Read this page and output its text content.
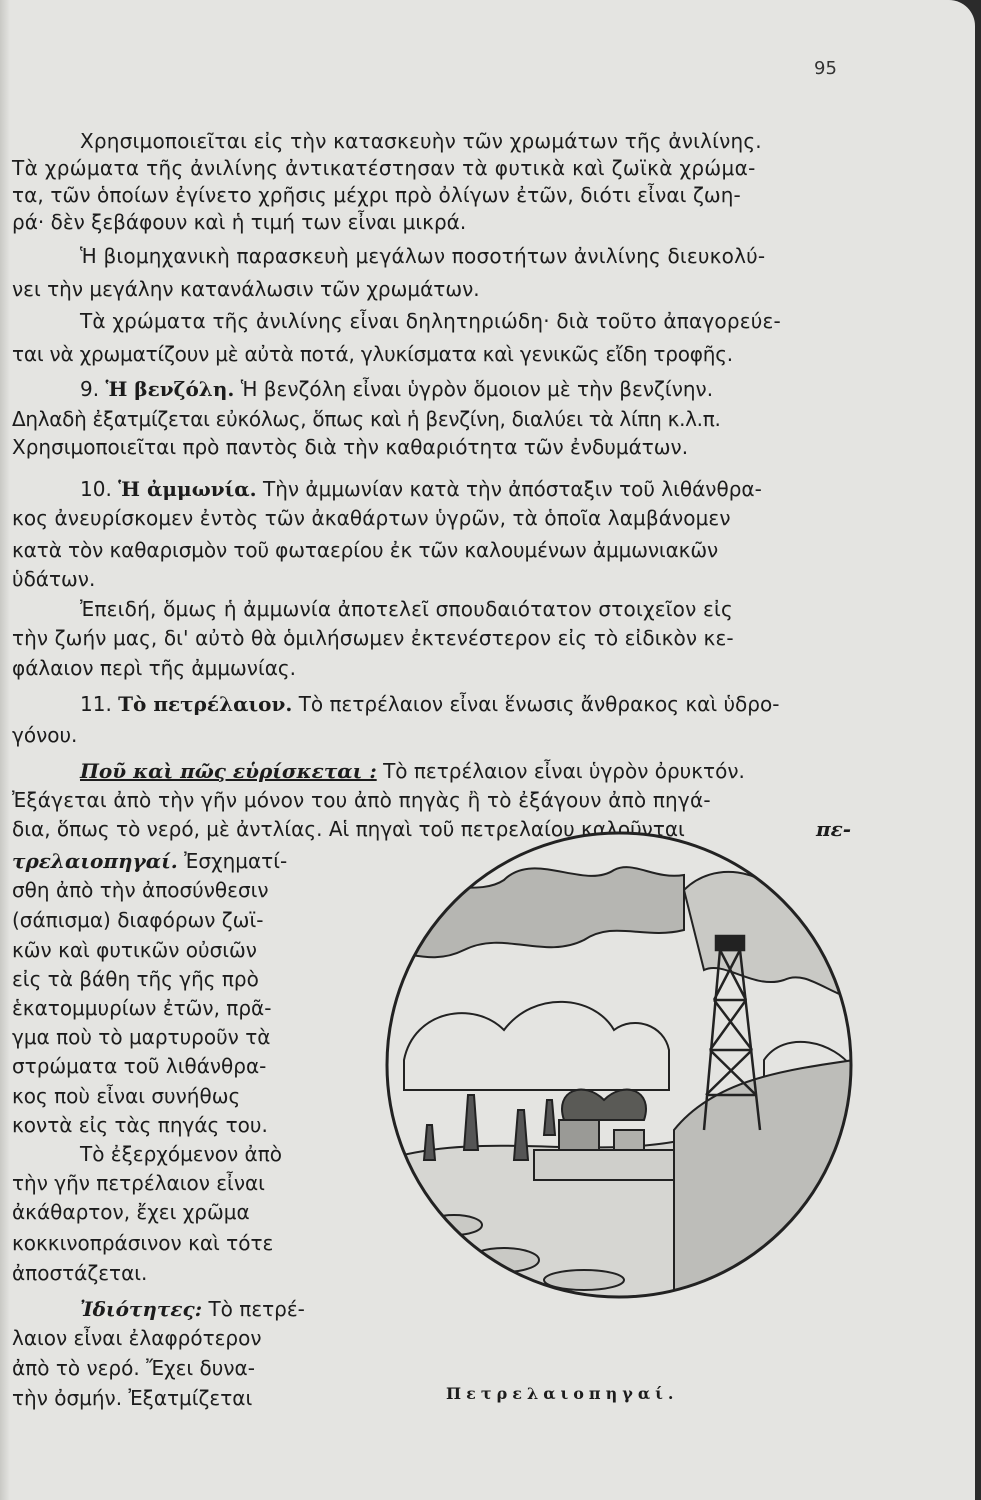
95
Χρησιμοποιεῖται εἰς τὴν κατασκευὴν τῶν χρωμάτων τῆς ἀνιλίνης.
Τὰ χρώματα τῆς ἀνιλίνης ἀντικατέστησαν τὰ φυτικὰ καὶ ζωϊκὰ χρώμα-
τα, τῶν ὁποίων ἐγίνετο χρῆσις μέχρι πρὸ ὀλίγων ἐτῶν, διότι εἶναι ζωη-
ρά· δὲν ξεβάφουν καὶ ἡ τιμή των εἶναι μικρά.
Ἡ βιομηχανικὴ παρασκευὴ μεγάλων ποσοτήτων ἀνιλίνης διευκολύ-
νει τὴν μεγάλην κατανάλωσιν τῶν χρωμάτων.
Τὰ χρώματα τῆς ἀνιλίνης εἶναι δηλητηριώδη· διὰ τοῦτο ἀπαγορεύε-
ται νὰ χρωματίζουν μὲ αὐτὰ ποτά, γλυκίσματα καὶ γενικῶς εἴδη τροφῆς.
9. Ἡ βενζόλη. Ἡ βενζόλη εἶναι ὑγρὸν ὅμοιον μὲ τὴν βενζίνην.
Δηλαδὴ ἐξατμίζεται εὐκόλως, ὅπως καὶ ἡ βενζίνη, διαλύει τὰ λίπη κ.λ.π.
Χρησιμοποιεῖται πρὸ παντὸς διὰ τὴν καθαριότητα τῶν ἐνδυμάτων.
10. Ἡ ἀμμωνία. Τὴν ἀμμωνίαν κατὰ τὴν ἀπόσταξιν τοῦ λιθάνθρα-
κος ἀνευρίσκομεν ἐντὸς τῶν ἀκαθάρτων ὑγρῶν, τὰ ὁποῖα λαμβάνομεν
κατὰ τὸν καθαρισμὸν τοῦ φωταερίου ἐκ τῶν καλουμένων ἀμμωνιακῶν
ὑδάτων.
Ἐπειδή, ὅμως ἡ ἀμμωνία ἀποτελεῖ σπουδαιότατον στοιχεῖον εἰς
τὴν ζωήν μας, δι' αὐτὸ θὰ ὁμιλήσωμεν ἐκτενέστερον εἰς τὸ εἰδικὸν κε-
φάλαιον περὶ τῆς ἀμμωνίας.
11. Τὸ πετρέλαιον. Τὸ πετρέλαιον εἶναι ἕνωσις ἄνθρακος καὶ ὑδρο-
γόνου.
Ποῦ καὶ πῶς εὑρίσκεται : Τὸ πετρέλαιον εἶναι ὑγρὸν ὀρυκτόν.
Ἐξάγεται ἀπὸ τὴν γῆν μόνον του ἀπὸ πηγὰς ἢ τὸ ἐξάγουν ἀπὸ πηγά-
δια, ὅπως τὸ νερό, μὲ ἀντλίας. Αἱ πηγαὶ τοῦ πετρελαίου καλοῦνται	πε-
τρελαιοπηγαί. Ἐσχηματί-
σθη ἀπὸ τὴν ἀποσύνθεσιν
(σάπισμα) διαφόρων ζωϊ-
κῶν καὶ φυτικῶν οὐσιῶν
εἰς τὰ βάθη τῆς γῆς πρὸ
ἑκατομμυρίων ἐτῶν, πρᾶ-
γμα ποὺ τὸ μαρτυροῦν τὰ
στρώματα τοῦ λιθάνθρα-
κος ποὺ εἶναι συνήθως
κοντὰ εἰς τὰς πηγάς του.
Τὸ ἐξερχόμενον ἀπὸ
τὴν γῆν πετρέλαιον εἶναι
ἀκάθαρτον, ἔχει χρῶμα
κοκκινοπράσινον καὶ τότε
ἀποστάζεται.
Ἰδιότητες: Τὸ πετρέ-
λαιον εἶναι ἐλαφρότερον
ἀπὸ τὸ νερό. Ἔχει δυνα-
τὴν ὀσμήν. Ἐξατμίζεται	Πετρελαιοπηγαί.
